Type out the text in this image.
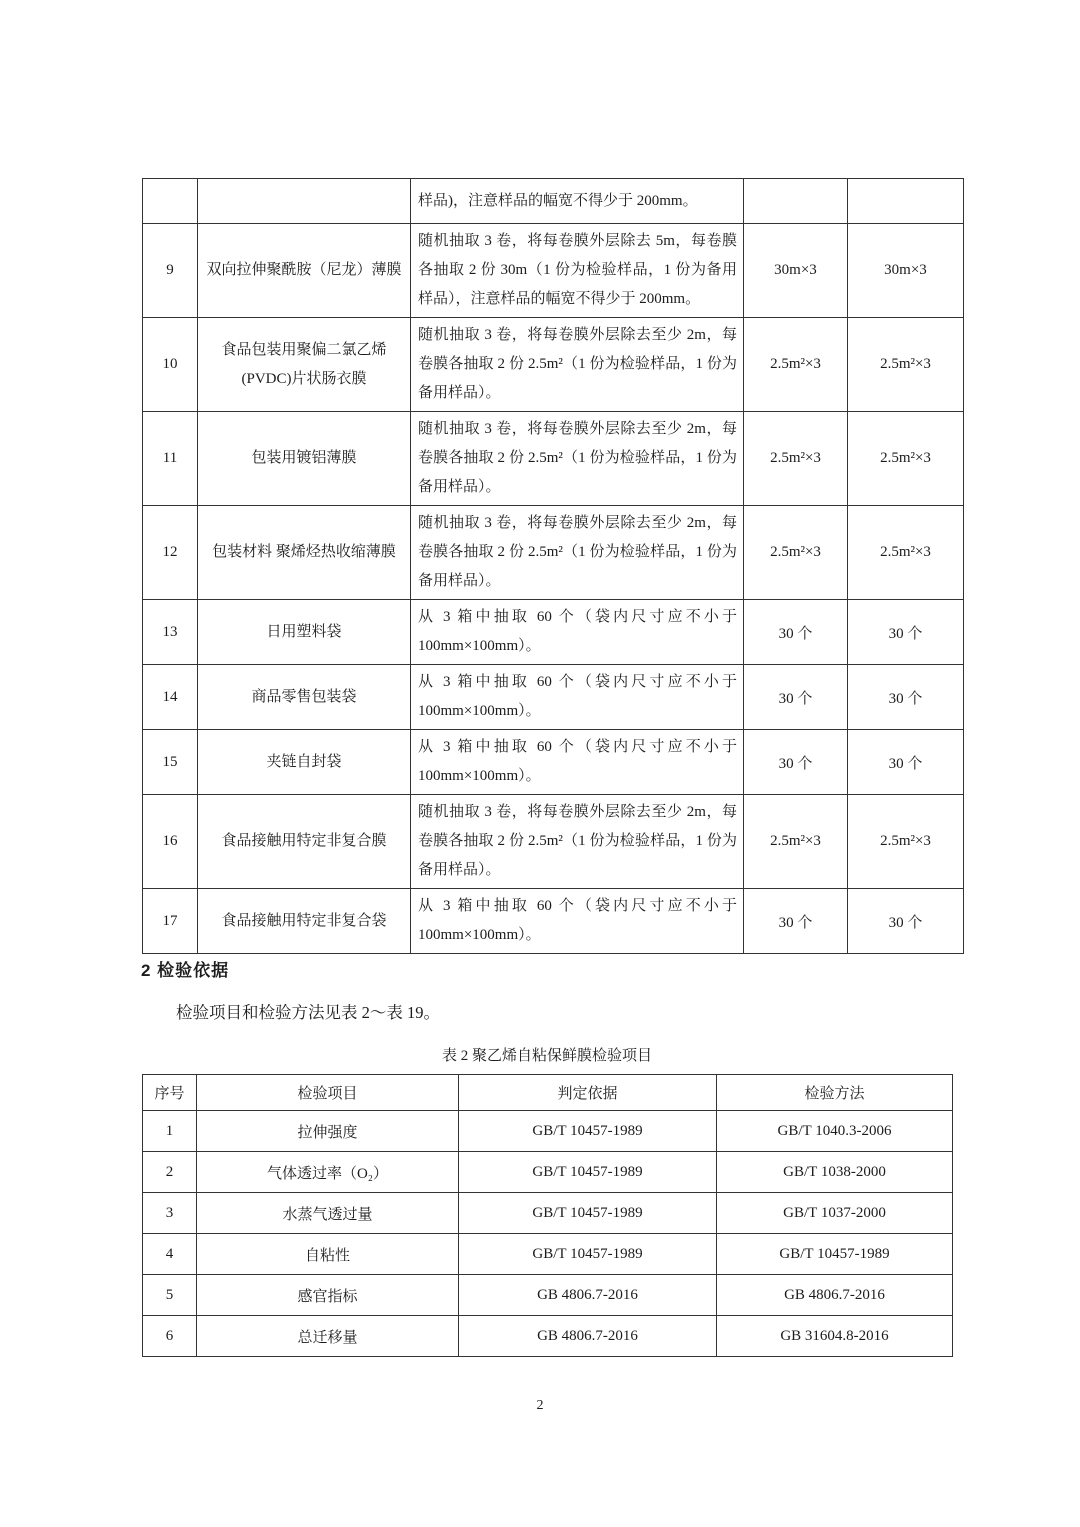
		样品)，注意样品的幅宽不得少于 200mm。		
9	双向拉伸聚酰胺（尼龙）薄膜	随机抽取 3 卷，将每卷膜外层除去 5m，每卷膜各抽取 2 份 30m（1 份为检验样品，1 份为备用样品），注意样品的幅宽不得少于 200mm。	30m×3	30m×3
10	食品包装用聚偏二氯乙烯(PVDC)片状肠衣膜	随机抽取 3 卷，将每卷膜外层除去至少 2m，每卷膜各抽取 2 份 2.5m²（1 份为检验样品，1 份为备用样品）。	2.5m²×3	2.5m²×3
11	包装用镀铝薄膜	随机抽取 3 卷，将每卷膜外层除去至少 2m，每卷膜各抽取 2 份 2.5m²（1 份为检验样品，1 份为备用样品）。	2.5m²×3	2.5m²×3
12	包装材料 聚烯烃热收缩薄膜	随机抽取 3 卷，将每卷膜外层除去至少 2m，每卷膜各抽取 2 份 2.5m²（1 份为检验样品，1 份为备用样品）。	2.5m²×3	2.5m²×3
13	日用塑料袋	从 3 箱中抽取 60 个（袋内尺寸应不小于 100mm×100mm）。	30 个	30 个
14	商品零售包装袋	从 3 箱中抽取 60 个（袋内尺寸应不小于 100mm×100mm）。	30 个	30 个
15	夹链自封袋	从 3 箱中抽取 60 个（袋内尺寸应不小于 100mm×100mm）。	30 个	30 个
16	食品接触用特定非复合膜	随机抽取 3 卷，将每卷膜外层除去至少 2m，每卷膜各抽取 2 份 2.5m²（1 份为检验样品，1 份为备用样品）。	2.5m²×3	2.5m²×3
17	食品接触用特定非复合袋	从 3 箱中抽取 60 个（袋内尺寸应不小于 100mm×100mm）。	30 个	30 个
2 检验依据
检验项目和检验方法见表 2～表 19。
表 2 聚乙烯自粘保鲜膜检验项目
序号	检验项目	判定依据	检验方法
1	拉伸强度	GB/T 10457-1989	GB/T 1040.3-2006
2	气体透过率（O₂）	GB/T 10457-1989	GB/T 1038-2000
3	水蒸气透过量	GB/T 10457-1989	GB/T 1037-2000
4	自粘性	GB/T 10457-1989	GB/T 10457-1989
5	感官指标	GB 4806.7-2016	GB 4806.7-2016
6	总迁移量	GB 4806.7-2016	GB 31604.8-2016
2
